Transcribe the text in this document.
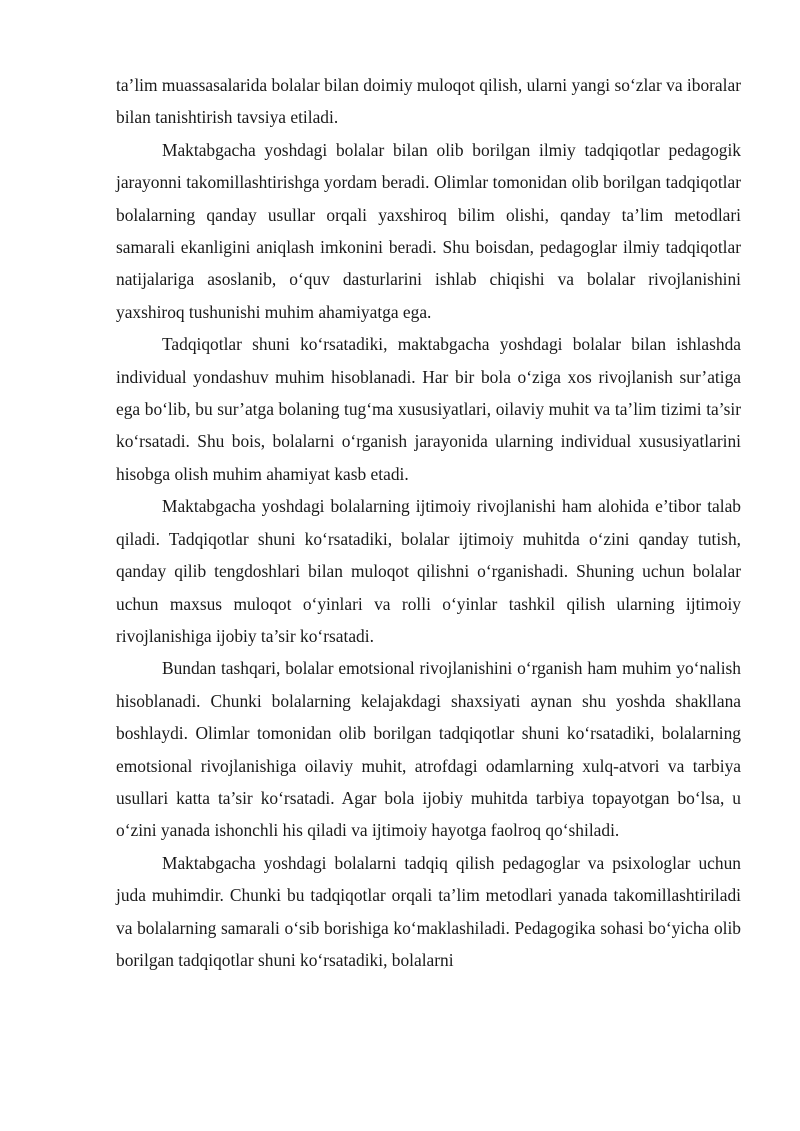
ta’lim muassasalarida bolalar bilan doimiy muloqot qilish, ularni yangi so‘zlar va iboralar bilan tanishtirish tavsiya etiladi.

Maktabgacha yoshdagi bolalar bilan olib borilgan ilmiy tadqiqotlar pedagogik jarayonni takomillashtirishga yordam beradi. Olimlar tomonidan olib borilgan tadqiqotlar bolalarning qanday usullar orqali yaxshiroq bilim olishi, qanday ta’lim metodlari samarali ekanligini aniqlash imkonini beradi. Shu boisdan, pedagoglar ilmiy tadqiqotlar natijalariga asoslanib, o‘quv dasturlarini ishlab chiqishi va bolalar rivojlanishini yaxshiroq tushunishi muhim ahamiyatga ega.

Tadqiqotlar shuni ko‘rsatadiki, maktabgacha yoshdagi bolalar bilan ishlashda individual yondashuv muhim hisoblanadi. Har bir bola o‘ziga xos rivojlanish sur’atiga ega bo‘lib, bu sur’atga bolaning tug‘ma xususiyatlari, oilaviy muhit va ta’lim tizimi ta’sir ko‘rsatadi. Shu bois, bolalarni o‘rganish jarayonida ularning individual xususiyatlarini hisobga olish muhim ahamiyat kasb etadi.

Maktabgacha yoshdagi bolalarning ijtimoiy rivojlanishi ham alohida e’tibor talab qiladi. Tadqiqotlar shuni ko‘rsatadiki, bolalar ijtimoiy muhitda o‘zini qanday tutish, qanday qilib tengdoshlari bilan muloqot qilishni o‘rganishadi. Shuning uchun bolalar uchun maxsus muloqot o‘yinlari va rolli o‘yinlar tashkil qilish ularning ijtimoiy rivojlanishiga ijobiy ta’sir ko‘rsatadi.

Bundan tashqari, bolalar emotsional rivojlanishini o‘rganish ham muhim yo‘nalish hisoblanadi. Chunki bolalarning kelajakdagi shaxsiyati aynan shu yoshda shakllana boshlaydi. Olimlar tomonidan olib borilgan tadqiqotlar shuni ko‘rsatadiki, bolalarning emotsional rivojlanishiga oilaviy muhit, atrofdagi odamlarning xulq-atvori va tarbiya usullari katta ta’sir ko‘rsatadi. Agar bola ijobiy muhitda tarbiya topayotgan bo‘lsa, u o‘zini yanada ishonchli his qiladi va ijtimoiy hayotga faolroq qo‘shiladi.

Maktabgacha yoshdagi bolalarni tadqiq qilish pedagoglar va psixologlar uchun juda muhimdir. Chunki bu tadqiqotlar orqali ta’lim metodlari yanada takomillashtiriladi va bolalarning samarali o‘sib borishiga ko‘maklashiladi. Pedagogika sohasi bo‘yicha olib borilgan tadqiqotlar shuni ko‘rsatadiki, bolalarni
